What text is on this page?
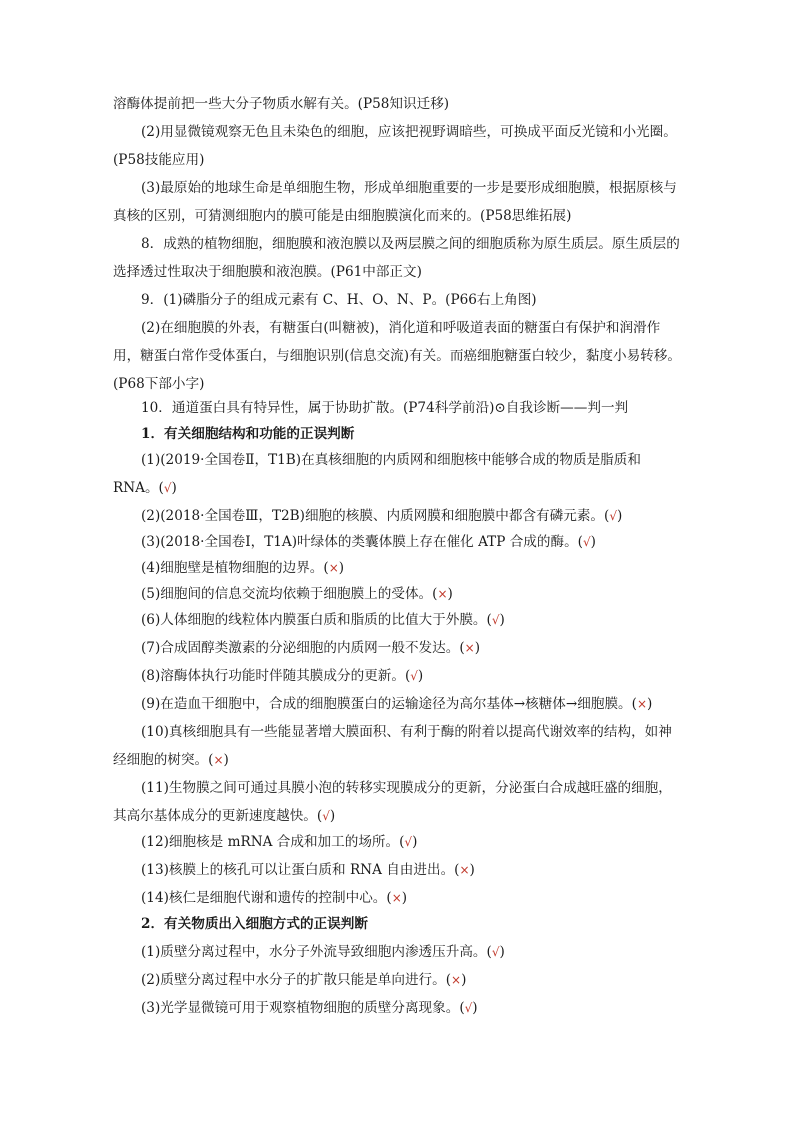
溶酶体提前把一些大分子物质水解有关。(P58知识迁移)

(2)用显微镜观察无色且未染色的细胞，应该把视野调暗些，可换成平面反光镜和小光圈。(P58技能应用)

(3)最原始的地球生命是单细胞生物，形成单细胞重要的一步是要形成细胞膜，根据原核与真核的区别，可猜测细胞内的膜可能是由细胞膜演化而来的。(P58思维拓展)

8．成熟的植物细胞，细胞膜和液泡膜以及两层膜之间的细胞质称为原生质层。原生质层的选择透过性取决于细胞膜和液泡膜。(P61中部正文)

9．(1)磷脂分子的组成元素有 C、H、O、N、P。(P66右上角图)

(2)在细胞膜的外表，有糖蛋白(叫糖被)，消化道和呼吸道表面的糖蛋白有保护和润滑作用，糖蛋白常作受体蛋白，与细胞识别(信息交流)有关。而癌细胞糖蛋白较少，黏度小易转移。(P68下部小字)

10．通道蛋白具有特异性，属于协助扩散。(P74科学前沿)⊙自我诊断——判一判

1．有关细胞结构和功能的正误判断

(1)(2019·全国卷Ⅱ，T1B)在真核细胞的内质网和细胞核中能够合成的物质是脂质和 RNA。(√)

(2)(2018·全国卷Ⅲ，T2B)细胞的核膜、内质网膜和细胞膜中都含有磷元素。(√)

(3)(2018·全国卷Ⅰ，T1A)叶绿体的类囊体膜上存在催化 ATP 合成的酶。(√)

(4)细胞壁是植物细胞的边界。(×)

(5)细胞间的信息交流均依赖于细胞膜上的受体。(×)

(6)人体细胞的线粒体内膜蛋白质和脂质的比值大于外膜。(√)

(7)合成固醇类激素的分泌细胞的内质网一般不发达。(×)

(8)溶酶体执行功能时伴随其膜成分的更新。(√)

(9)在造血干细胞中，合成的细胞膜蛋白的运输途径为高尔基体→核糖体→细胞膜。(×)

(10)真核细胞具有一些能显著增大膜面积、有利于酶的附着以提高代谢效率的结构，如神经细胞的树突。(×)

(11)生物膜之间可通过具膜小泡的转移实现膜成分的更新，分泌蛋白合成越旺盛的细胞，其高尔基体成分的更新速度越快。(√)

(12)细胞核是 mRNA 合成和加工的场所。(√)

(13)核膜上的核孔可以让蛋白质和 RNA 自由进出。(×)

(14)核仁是细胞代谢和遗传的控制中心。(×)

2．有关物质出入细胞方式的正误判断

(1)质壁分离过程中，水分子外流导致细胞内渗透压升高。(√)

(2)质壁分离过程中水分子的扩散只能是单向进行。(×)

(3)光学显微镜可用于观察植物细胞的质壁分离现象。(√)
